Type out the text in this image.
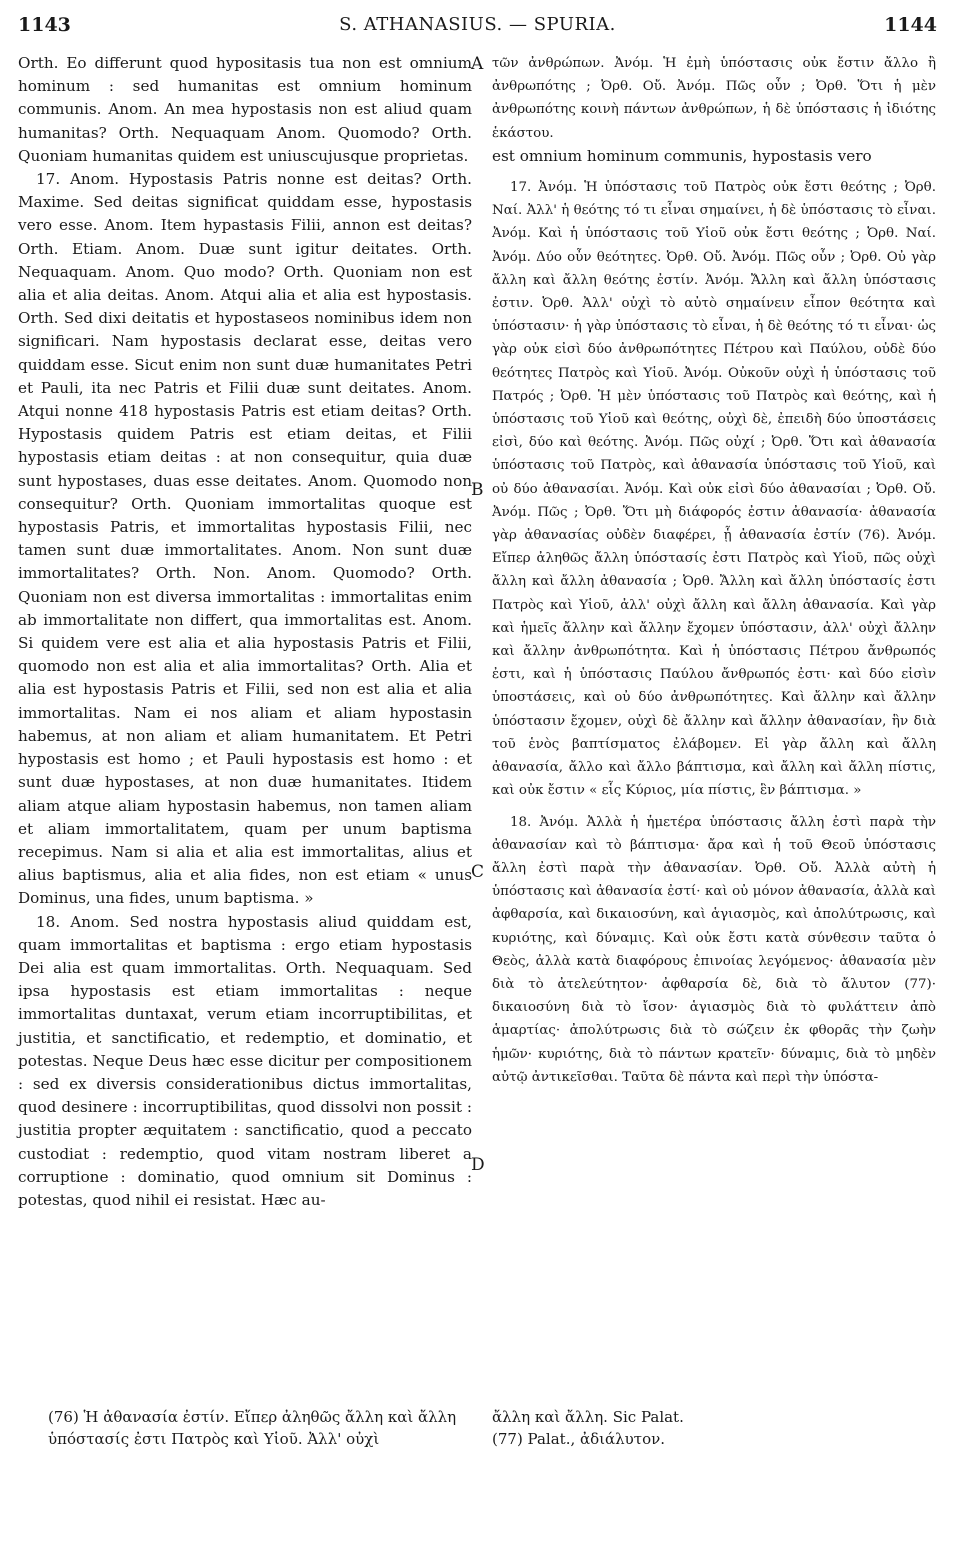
1143	S. ATHANASIUS. — SPURIA.	1144
A
B
C
D

Orth. Eo differunt quod hypositasis tua non est omnium hominum : sed humanitas est omnium hominum communis. Anom. An mea hypostasis non est aliud quam humanitas? Orth. Nequaquam Anom. Quomodo? Orth. Quoniam humanitas quidem est uniuscujusque proprietas.

17. Anom. Hypostasis Patris nonne est deitas? Orth. Maxime. Sed deitas significat quiddam esse, hypostasis vero esse. Anom. Item hypastasis Filii, annon est deitas? Orth. Etiam. Anom. Duæ sunt igitur deitates. Orth. Nequaquam. Anom. Quo modo? Orth. Quoniam non est alia et alia deitas. Anom. Atqui alia et alia est hypostasis. Orth. Sed dixi deitatis et hypostaseos nominibus idem non significari. Nam hypostasis declarat esse, deitas vero quiddam esse. Sicut enim non sunt duæ humanitates Petri et Pauli, ita nec Patris et Filii duæ sunt deitates. Anom. Atqui nonne 418 hypostasis Patris est etiam deitas? Orth. Hypostasis quidem Patris est etiam deitas, et Filii hypostasis etiam deitas : at non consequitur, quia duæ sunt hypostases, duas esse deitates. Anom. Quomodo non consequitur? Orth. Quoniam immortalitas quoque est hypostasis Patris, et immortalitas hypostasis Filii, nec tamen sunt duæ immortalitates. Anom. Non sunt duæ immortalitates? Orth. Non. Anom. Quomodo? Orth. Quoniam non est diversa immortalitas : immortalitas enim ab immortalitate non differt, qua immortalitas est. Anom. Si quidem vere est alia et alia hypostasis Patris et Filii, quomodo non est alia et alia immortalitas? Orth. Alia et alia est hypostasis Patris et Filii, sed non est alia et alia immortalitas. Nam ei nos aliam et aliam hypostasin habemus, at non aliam et aliam humanitatem. Et Petri hypostasis est homo ; et Pauli hypostasis est homo : et sunt duæ hypostases, at non duæ humanitates. Itidem aliam atque aliam hypostasin habemus, non tamen aliam et aliam immortalitatem, quam per unum baptisma recepimus. Nam si alia et alia est immortalitas, alius et alius baptismus, alia et alia fides, non est etiam « unus Dominus, una fides, unum baptisma. »

18. Anom. Sed nostra hypostasis aliud quiddam est, quam immortalitas et baptisma : ergo etiam hypostasis Dei alia est quam immortalitas. Orth. Nequaquam. Sed ipsa hypostasis est etiam immortalitas : neque immortalitas duntaxat, verum etiam incorruptibilitas, et justitia, et sanctificatio, et redemptio, et dominatio, et potestas. Neque Deus hæc esse dicitur per compositionem : sed ex diversis considerationibus dictus immortalitas, quod desinere : incorruptibilitas, quod dissolvi non possit : justitia propter æquitatem : sanctificatio, quod a peccato custodiat : redemptio, quod vitam nostram liberet a corruptione : dominatio, quod omnium sit Dominus : potestas, quod nihil ei resistat. Hæc au-

τῶν ἀνθρώπων. Ἀνόμ. Ἡ ἐμὴ ὑπόστασις οὐκ ἔστιν ἄλλο ἢ ἀνθρωπότης ; Ὀρθ. Οὔ. Ἀνόμ. Πῶς οὖν ; Ὀρθ. Ὅτι ἡ μὲν ἀνθρωπότης κοινὴ πάντων ἀνθρώπων, ἡ δὲ ὑπόστασις ἡ ἰδιότης ἑκάστου.

est omnium hominum communis, hypostasis vero

17. Ἀνόμ. Ἡ ὑπόστασις τοῦ Πατρὸς οὐκ ἔστι θεότης ; Ὀρθ. Ναί. Ἀλλ' ἡ θεότης τό τι εἶναι σημαίνει, ἡ δὲ ὑπόστασις τὸ εἶναι. Ἀνόμ. Καὶ ἡ ὑπόστασις τοῦ Υἱοῦ οὐκ ἔστι θεότης ; Ὀρθ. Ναί. Ἀνόμ. Δύο οὖν θεότητες. Ὀρθ. Οὔ. Ἀνόμ. Πῶς οὖν ; Ὀρθ. Οὐ γὰρ ἄλλη καὶ ἄλλη θεότης ἐστίν. Ἀνόμ. Ἄλλη καὶ ἄλλη ὑπόστασις ἐστιν. Ὀρθ. Ἀλλ' οὐχὶ τὸ αὐτὸ σημαίνειν εἶπον θεότητα καὶ ὑπόστασιν· ἡ γὰρ ὑπόστασις τὸ εἶναι, ἡ δὲ θεότης τό τι εἶναι· ὡς γὰρ οὐκ εἰσὶ δύο ἀνθρωπότητες Πέτρου καὶ Παύλου, οὐδὲ δύο θεότητες Πατρὸς καὶ Υἱοῦ. Ἀνόμ. Οὐκοῦν οὐχὶ ἡ ὑπόστασις τοῦ Πατρός ; Ὀρθ. Ἡ μὲν ὑπόστασις τοῦ Πατρὸς καὶ θεότης, καὶ ἡ ὑπόστασις τοῦ Υἱοῦ καὶ θεότης, οὐχὶ δὲ, ἐπειδὴ δύο ὑποστάσεις εἰσὶ, δύο καὶ θεότης. Ἀνόμ. Πῶς οὐχί ; Ὀρθ. Ὅτι καὶ ἀθανασία ὑπόστασις τοῦ Πατρὸς, καὶ ἀθανασία ὑπόστασις τοῦ Υἱοῦ, καὶ οὐ δύο ἀθανασίαι. Ἀνόμ. Καὶ οὐκ εἰσὶ δύο ἀθανασίαι ; Ὀρθ. Οὔ. Ἀνόμ. Πῶς ; Ὀρθ. Ὅτι μὴ διάφορός ἐστιν ἀθανασία· ἀθανασία γὰρ ἀθανασίας οὐδὲν διαφέρει, ᾗ ἀθανασία ἐστίν (76). Ἀνόμ. Εἴπερ ἀληθῶς ἄλλη ὑπόστασίς ἐστι Πατρὸς καὶ Υἱοῦ, πῶς οὐχὶ ἄλλη καὶ ἄλλη ἀθανασία ; Ὀρθ. Ἄλλη καὶ ἄλλη ὑπόστασίς ἐστι Πατρὸς καὶ Υἱοῦ, ἀλλ' οὐχὶ ἄλλη καὶ ἄλλη ἀθανασία. Καὶ γὰρ καὶ ἡμεῖς ἄλλην καὶ ἄλλην ἔχομεν ὑπόστασιν, ἀλλ' οὐχὶ ἄλλην καὶ ἄλλην ἀνθρωπότητα. Καὶ ἡ ὑπόστασις Πέτρου ἄνθρωπός ἐστι, καὶ ἡ ὑπόστασις Παύλου ἄνθρωπός ἐστι· καὶ δύο εἰσὶν ὑποστάσεις, καὶ οὐ δύο ἀνθρωπότητες. Καὶ ἄλλην καὶ ἄλλην ὑπόστασιν ἔχομεν, οὐχὶ δὲ ἄλλην καὶ ἄλλην ἀθανασίαν, ἣν διὰ τοῦ ἑνὸς βαπτίσματος ἐλάβομεν. Εἰ γὰρ ἄλλη καὶ ἄλλη ἀθανασία, ἄλλο καὶ ἄλλο βάπτισμα, καὶ ἄλλη καὶ ἄλλη πίστις, καὶ οὐκ ἔστιν « εἷς Κύριος, μία πίστις, ἓν βάπτισμα. »

18. Ἀνόμ. Ἀλλὰ ἡ ἡμετέρα ὑπόστασις ἄλλη ἐστὶ παρὰ τὴν ἀθανασίαν καὶ τὸ βάπτισμα· ἄρα καὶ ἡ τοῦ Θεοῦ ὑπόστασις ἄλλη ἐστὶ παρὰ τὴν ἀθανασίαν. Ὀρθ. Οὔ. Ἀλλὰ αὐτὴ ἡ ὑπόστασις καὶ ἀθανασία ἐστί· καὶ οὐ μόνον ἀθανασία, ἀλλὰ καὶ ἀφθαρσία, καὶ δικαιοσύνη, καὶ ἁγιασμὸς, καὶ ἀπολύτρωσις, καὶ κυριότης, καὶ δύναμις. Καὶ οὐκ ἔστι κατὰ σύνθεσιν ταῦτα ὁ Θεὸς, ἀλλὰ κατὰ διαφόρους ἐπινοίας λεγόμενος· ἀθανασία μὲν διὰ τὸ ἀτελεύτητον· ἀφθαρσία δὲ, διὰ τὸ ἄλυτον (77)· δικαιοσύνη διὰ τὸ ἴσον· ἁγιασμὸς διὰ τὸ φυλάττειν ἀπὸ ἁμαρτίας· ἀπολύτρωσις διὰ τὸ σώζειν ἐκ φθορᾶς τὴν ζωὴν ἡμῶν· κυριότης, διὰ τὸ πάντων κρατεῖν· δύναμις, διὰ τὸ μηδὲν αὐτῷ ἀντικεῖσθαι. Ταῦτα δὲ πάντα καὶ περὶ τὴν ὑπόστα-

(76) Ἡ ἀθανασία ἐστίν. Εἴπερ ἀληθῶς ἄλλη καὶ ἄλλη ὑπόστασίς ἐστι Πατρὸς καὶ Υἱοῦ. Ἀλλ' οὐχὶ
ἄλλη καὶ ἄλλη. Sic Palat.
(77) Palat., ἀδιάλυτον.
